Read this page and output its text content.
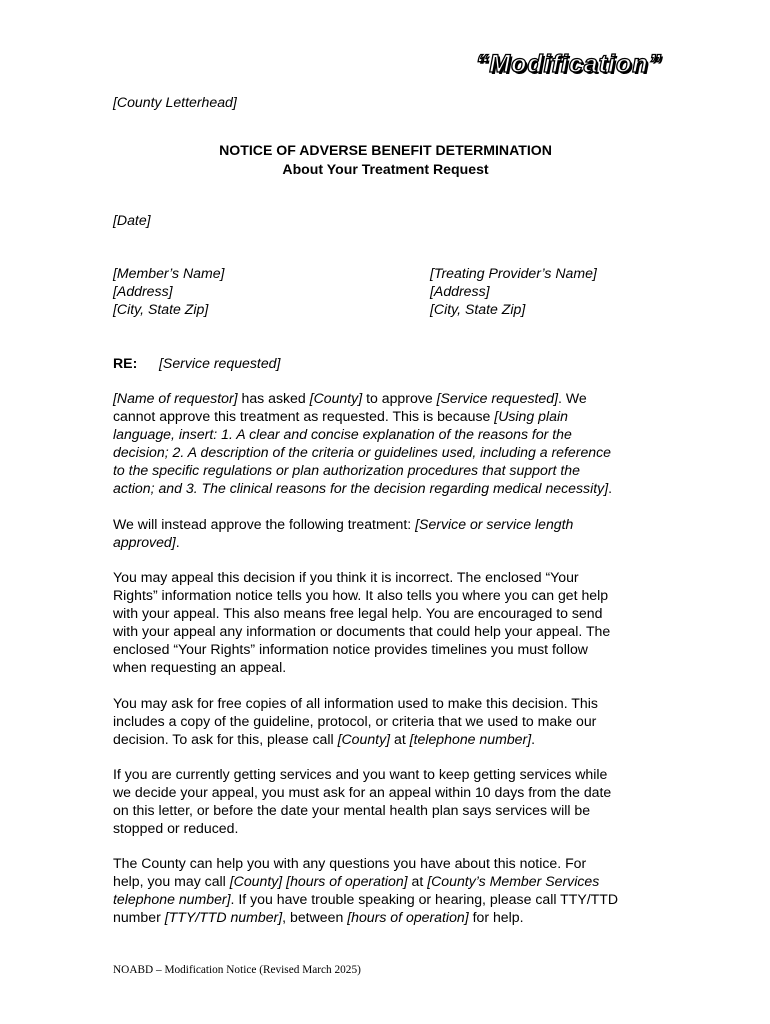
“Modification”
[County Letterhead]
NOTICE OF ADVERSE BENEFIT DETERMINATION
About Your Treatment Request
[Date]
[Member’s Name]
[Address]
[City, State Zip]
[Treating Provider’s Name]
[Address]
[City, State Zip]
RE: [Service requested]
[Name of requestor] has asked [County] to approve [Service requested]. We
cannot approve this treatment as requested. This is because [Using plain
language, insert: 1. A clear and concise explanation of the reasons for the
decision; 2. A description of the criteria or guidelines used, including a reference
to the specific regulations or plan authorization procedures that support the
action; and 3. The clinical reasons for the decision regarding medical necessity].
We will instead approve the following treatment: [Service or service length
approved].
You may appeal this decision if you think it is incorrect. The enclosed “Your
Rights” information notice tells you how. It also tells you where you can get help
with your appeal. This also means free legal help. You are encouraged to send
with your appeal any information or documents that could help your appeal. The
enclosed “Your Rights” information notice provides timelines you must follow
when requesting an appeal.
You may ask for free copies of all information used to make this decision. This
includes a copy of the guideline, protocol, or criteria that we used to make our
decision. To ask for this, please call [County] at [telephone number].
If you are currently getting services and you want to keep getting services while
we decide your appeal, you must ask for an appeal within 10 days from the date
on this letter, or before the date your mental health plan says services will be
stopped or reduced.
The County can help you with any questions you have about this notice. For
help, you may call [County] [hours of operation] at [County’s Member Services
telephone number]. If you have trouble speaking or hearing, please call TTY/TTD
number [TTY/TTD number], between [hours of operation] for help.
NOABD – Modification Notice (Revised March 2025)
